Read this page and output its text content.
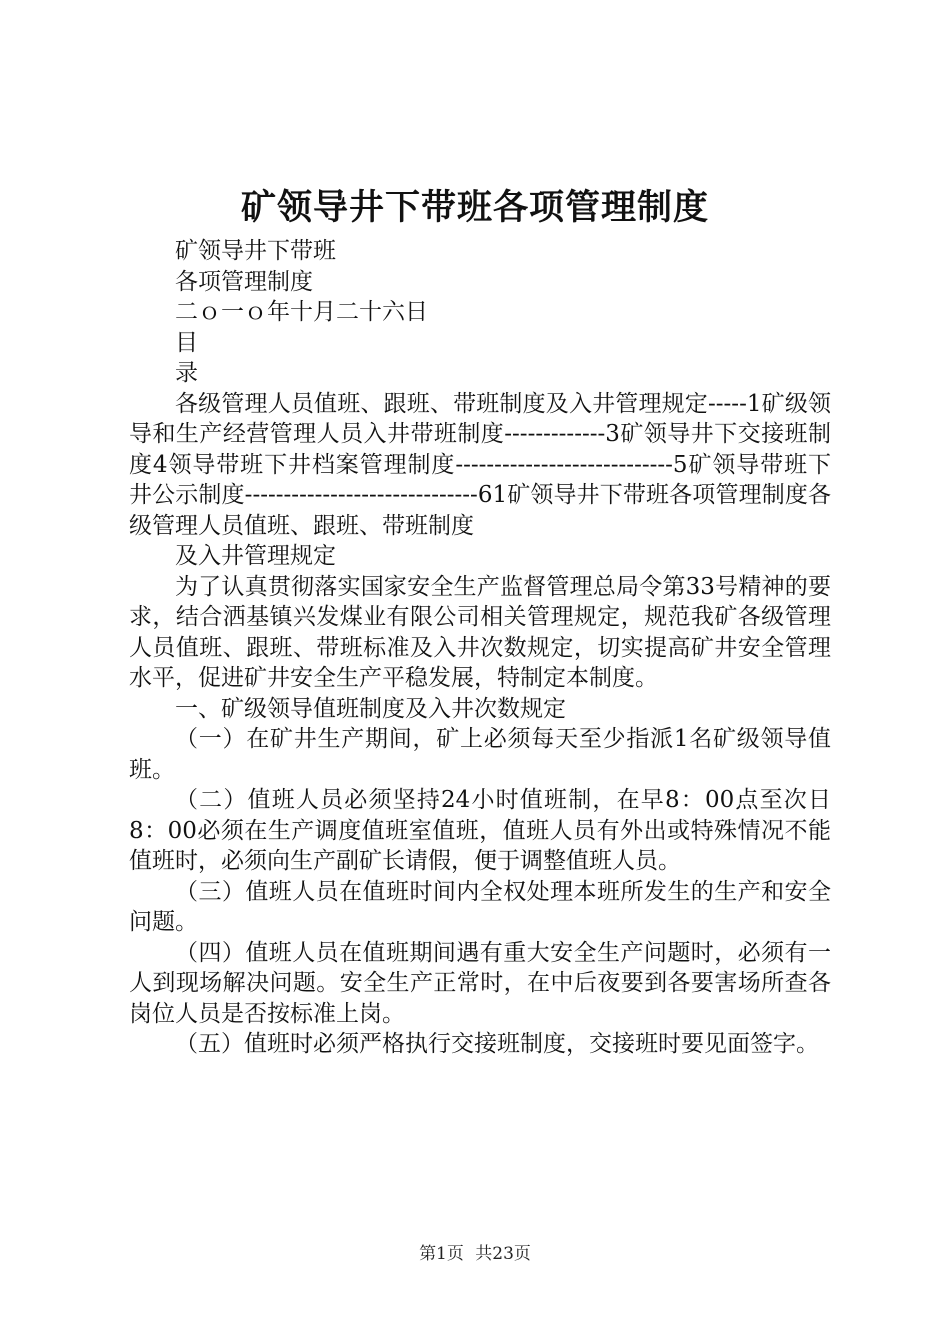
矿领导井下带班各项管理制度

矿领导井下带班

各项管理制度

二ｏ一ｏ年十月二十六日

目

录

各级管理人员值班、跟班、带班制度及入井管理规定-----1矿级领导和生产经营管理人员入井带班制度-------------3矿领导井下交接班制度4领导带班下井档案管理制度----------------------------5矿领导带班下井公示制度------------------------------61矿领导井下带班各项管理制度各级管理人员值班、跟班、带班制度

及入井管理规定

为了认真贯彻落实国家安全生产监督管理总局令第33号精神的要求，结合洒基镇兴发煤业有限公司相关管理规定，规范我矿各级管理人员值班、跟班、带班标准及入井次数规定，切实提高矿井安全管理水平，促进矿井安全生产平稳发展，特制定本制度。

一、矿级领导值班制度及入井次数规定

（一）在矿井生产期间，矿上必须每天至少指派1名矿级领导值班。

（二）值班人员必须坚持24小时值班制，在早8：00点至次日8：00必须在生产调度值班室值班，值班人员有外出或特殊情况不能值班时，必须向生产副矿长请假，便于调整值班人员。

（三）值班人员在值班时间内全权处理本班所发生的生产和安全问题。

（四）值班人员在值班期间遇有重大安全生产问题时，必须有一人到现场解决问题。安全生产正常时，在中后夜要到各要害场所查各岗位人员是否按标准上岗。

（五）值班时必须严格执行交接班制度，交接班时要见面签字。

第1页 共23页
